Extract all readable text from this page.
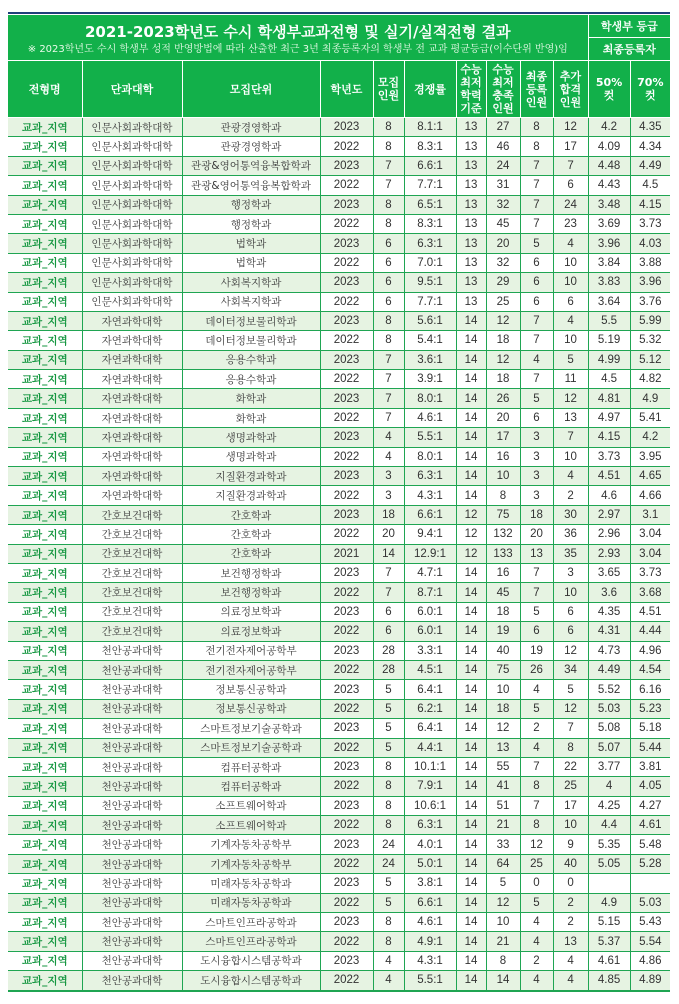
2021-2023학년도 수시 학생부교과전형 및 실기/실적전형 결과
※ 2023학년도 수시 학생부 성적 반영방법에 따라 산출한 최근 3년 최종등록자의 학생부 전 교과 평균등급(이수단위 반영)임										학생부 등급	
										최종등록자	
전형명	단과대학	모집단위	학년도	모집
인원	경쟁률	수능
최저
학력
기준	수능
최저
충족
인원	최종
등록
인원	추가
합격
인원	50%
컷	70%
컷
교과_지역	인문사회과학대학	관광경영학과	2023	8	8.1:1	13	27	8	12	4.2	4.35
교과_지역	인문사회과학대학	관광경영학과	2022	8	8.3:1	13	46	8	17	4.09	4.34
교과_지역	인문사회과학대학	관광&영어통역융복합학과	2023	7	6.6:1	13	24	7	7	4.48	4.49
교과_지역	인문사회과학대학	관광&영어통역융복합학과	2022	7	7.7:1	13	31	7	6	4.43	4.5
교과_지역	인문사회과학대학	행정학과	2023	8	6.5:1	13	32	7	24	3.48	4.15
교과_지역	인문사회과학대학	행정학과	2022	8	8.3:1	13	45	7	23	3.69	3.73
교과_지역	인문사회과학대학	법학과	2023	6	6.3:1	13	20	5	4	3.96	4.03
교과_지역	인문사회과학대학	법학과	2022	6	7.0:1	13	32	6	10	3.84	3.88
교과_지역	인문사회과학대학	사회복지학과	2023	6	9.5:1	13	29	6	10	3.83	3.96
교과_지역	인문사회과학대학	사회복지학과	2022	6	7.7:1	13	25	6	6	3.64	3.76
교과_지역	자연과학대학	데이터정보물리학과	2023	8	5.6:1	14	12	7	4	5.5	5.99
교과_지역	자연과학대학	데이터정보물리학과	2022	8	5.4:1	14	18	7	10	5.19	5.32
교과_지역	자연과학대학	응용수학과	2023	7	3.6:1	14	12	4	5	4.99	5.12
교과_지역	자연과학대학	응용수학과	2022	7	3.9:1	14	18	7	11	4.5	4.82
교과_지역	자연과학대학	화학과	2023	7	8.0:1	14	26	5	12	4.81	4.9
교과_지역	자연과학대학	화학과	2022	7	4.6:1	14	20	6	13	4.97	5.41
교과_지역	자연과학대학	생명과학과	2023	4	5.5:1	14	17	3	7	4.15	4.2
교과_지역	자연과학대학	생명과학과	2022	4	8.0:1	14	16	3	10	3.73	3.95
교과_지역	자연과학대학	지질환경과학과	2023	3	6.3:1	14	10	3	4	4.51	4.65
교과_지역	자연과학대학	지질환경과학과	2022	3	4.3:1	14	8	3	2	4.6	4.66
교과_지역	간호보건대학	간호학과	2023	18	6.6:1	12	75	18	30	2.97	3.1
교과_지역	간호보건대학	간호학과	2022	20	9.4:1	12	132	20	36	2.96	3.04
교과_지역	간호보건대학	간호학과	2021	14	12.9:1	12	133	13	35	2.93	3.04
교과_지역	간호보건대학	보건행정학과	2023	7	4.7:1	14	16	7	3	3.65	3.73
교과_지역	간호보건대학	보건행정학과	2022	7	8.7:1	14	45	7	10	3.6	3.68
교과_지역	간호보건대학	의료정보학과	2023	6	6.0:1	14	18	5	6	4.35	4.51
교과_지역	간호보건대학	의료정보학과	2022	6	6.0:1	14	19	6	6	4.31	4.44
교과_지역	천안공과대학	전기전자제어공학부	2023	28	3.3:1	14	40	19	12	4.73	4.96
교과_지역	천안공과대학	전기전자제어공학부	2022	28	4.5:1	14	75	26	34	4.49	4.54
교과_지역	천안공과대학	정보통신공학과	2023	5	6.4:1	14	10	4	5	5.52	6.16
교과_지역	천안공과대학	정보통신공학과	2022	5	6.2:1	14	18	5	12	5.03	5.23
교과_지역	천안공과대학	스마트정보기술공학과	2023	5	6.4:1	14	12	2	7	5.08	5.18
교과_지역	천안공과대학	스마트정보기술공학과	2022	5	4.4:1	14	13	4	8	5.07	5.44
교과_지역	천안공과대학	컴퓨터공학과	2023	8	10.1:1	14	55	7	22	3.77	3.81
교과_지역	천안공과대학	컴퓨터공학과	2022	8	7.9:1	14	41	8	25	4	4.05
교과_지역	천안공과대학	소프트웨어학과	2023	8	10.6:1	14	51	7	17	4.25	4.27
교과_지역	천안공과대학	소프트웨어학과	2022	8	6.3:1	14	21	8	10	4.4	4.61
교과_지역	천안공과대학	기계자동차공학부	2023	24	4.0:1	14	33	12	9	5.35	5.48
교과_지역	천안공과대학	기계자동차공학부	2022	24	5.0:1	14	64	25	40	5.05	5.28
교과_지역	천안공과대학	미래자동차공학과	2023	5	3.8:1	14	5	0	0		
교과_지역	천안공과대학	미래자동차공학과	2022	5	6.6:1	14	12	5	2	4.9	5.03
교과_지역	천안공과대학	스마트인프라공학과	2023	8	4.6:1	14	10	4	2	5.15	5.43
교과_지역	천안공과대학	스마트인프라공학과	2022	8	4.9:1	14	21	4	13	5.37	5.54
교과_지역	천안공과대학	도시융합시스템공학과	2023	4	4.3:1	14	8	2	4	4.61	4.86
교과_지역	천안공과대학	도시융합시스템공학과	2022	4	5.5:1	14	14	4	4	4.85	4.89
